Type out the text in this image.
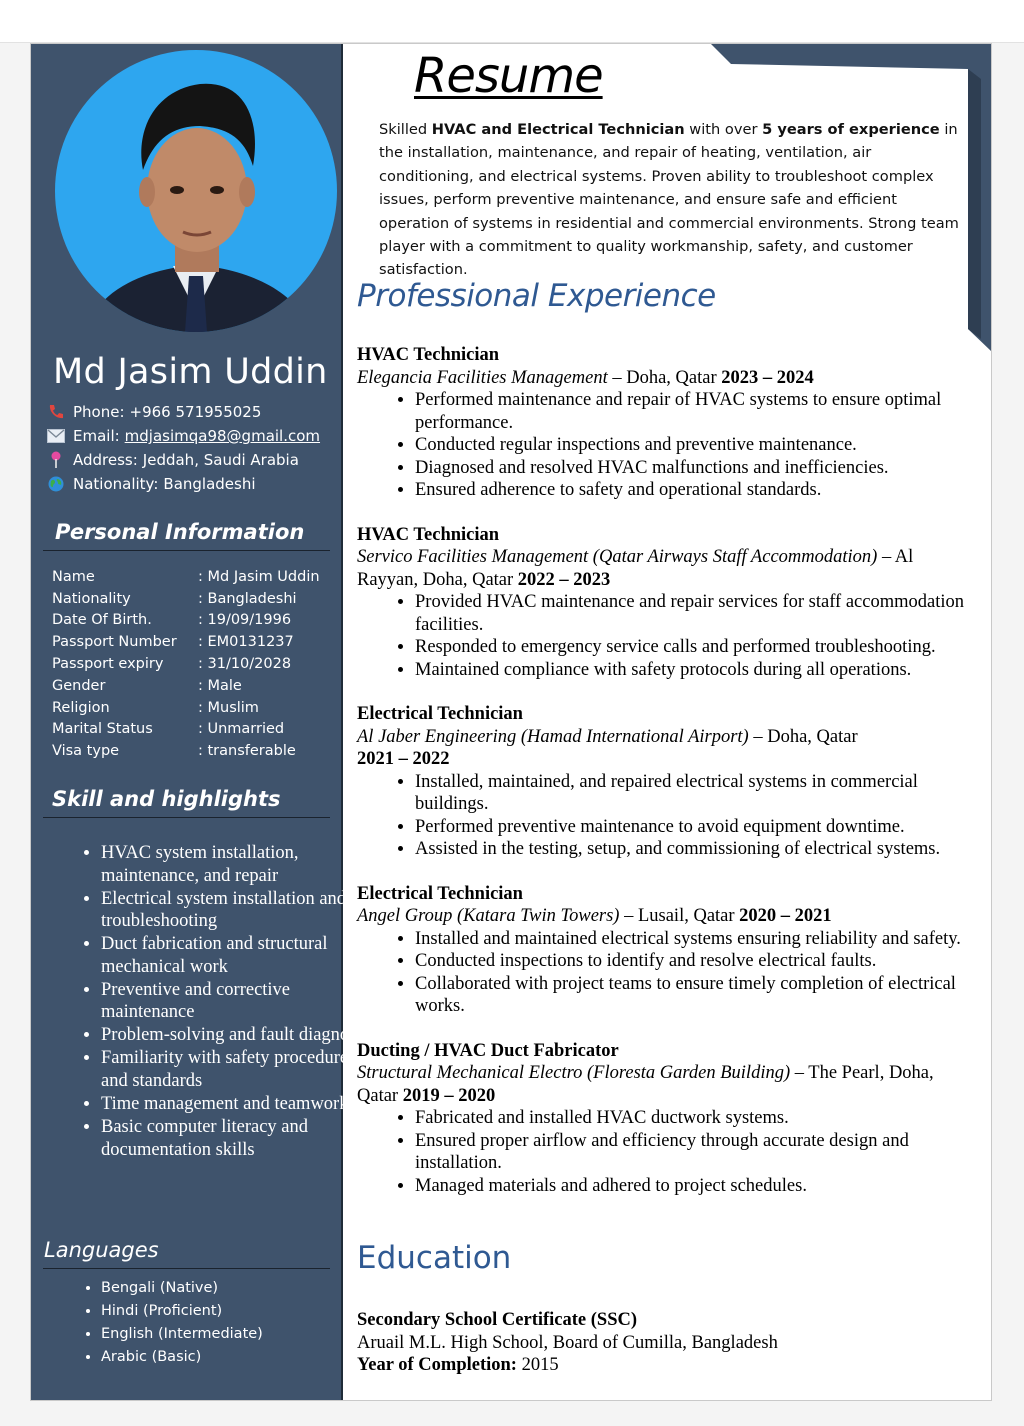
Md Jasim Uddin
Phone: +966 571955025
Email: mdjasimqa98@gmail.com
Address: Jeddah, Saudi Arabia
Nationality: Bangladeshi
Personal Information
Name	: Md Jasim Uddin
Nationality	: Bangladeshi
Date Of Birth.	: 19/09/1996
Passport Number	: EM0131237
Passport expiry	: 31/10/2028
Gender	: Male
Religion	: Muslim
Marital Status	: Unmarried
Visa type	: transferable
Skill and highlights
• HVAC system installation, maintenance, and repair
• Electrical system installation and troubleshooting
• Duct fabrication and structural mechanical work
• Preventive and corrective maintenance
• Problem-solving and fault diagnosis
• Familiarity with safety procedures and standards
• Time management and teamwork
• Basic computer literacy and documentation skills
Languages
• Bengali (Native)
• Hindi (Proficient)
• English (Intermediate)
• Arabic (Basic)
Resume
Skilled HVAC and Electrical Technician with over 5 years of experience in the installation, maintenance, and repair of heating, ventilation, air conditioning, and electrical systems. Proven ability to troubleshoot complex issues, perform preventive maintenance, and ensure safe and efficient operation of systems in residential and commercial environments. Strong team player with a commitment to quality workmanship, safety, and customer satisfaction.
Professional Experience
HVAC Technician
Elegancia Facilities Management – Doha, Qatar 2023 – 2024
• Performed maintenance and repair of HVAC systems to ensure optimal performance.
• Conducted regular inspections and preventive maintenance.
• Diagnosed and resolved HVAC malfunctions and inefficiencies.
• Ensured adherence to safety and operational standards.
HVAC Technician
Servico Facilities Management (Qatar Airways Staff Accommodation) – Al Rayyan, Doha, Qatar 2022 – 2023
• Provided HVAC maintenance and repair services for staff accommodation facilities.
• Responded to emergency service calls and performed troubleshooting.
• Maintained compliance with safety protocols during all operations.
Electrical Technician
Al Jaber Engineering (Hamad International Airport) – Doha, Qatar
2021 – 2022
• Installed, maintained, and repaired electrical systems in commercial buildings.
• Performed preventive maintenance to avoid equipment downtime.
• Assisted in the testing, setup, and commissioning of electrical systems.
Electrical Technician
Angel Group (Katara Twin Towers) – Lusail, Qatar 2020 – 2021
• Installed and maintained electrical systems ensuring reliability and safety.
• Conducted inspections to identify and resolve electrical faults.
• Collaborated with project teams to ensure timely completion of electrical works.
Ducting / HVAC Duct Fabricator
Structural Mechanical Electro (Floresta Garden Building) – The Pearl, Doha, Qatar 2019 – 2020
• Fabricated and installed HVAC ductwork systems.
• Ensured proper airflow and efficiency through accurate design and installation.
• Managed materials and adhered to project schedules.
Education
Secondary School Certificate (SSC)
Aruail M.L. High School, Board of Cumilla, Bangladesh
Year of Completion: 2015
